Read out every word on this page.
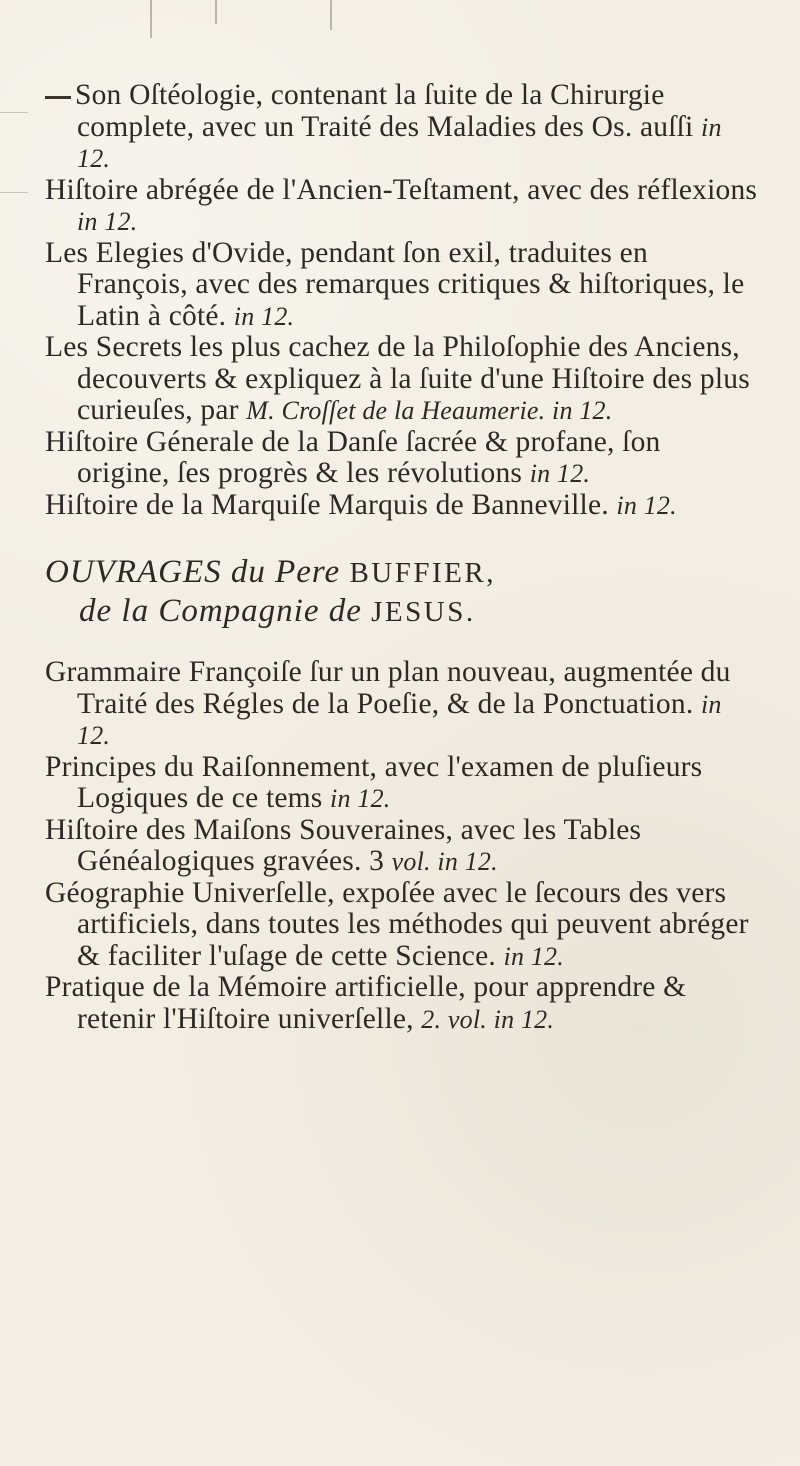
Son Oſtéologie, contenant la ſuite de la Chirurgie complete, avec un Traité des Maladies des Os. auſſi in 12.

Hiſtoire abrégée de l'Ancien-Teſtament, avec des réflexions in 12.

Les Elegies d'Ovide, pendant ſon exil, traduites en François, avec des remarques critiques & hiſtoriques, le Latin à côté. in 12.

Les Secrets les plus cachez de la Philoſophie des Anciens, decouverts & expliquez à la ſuite d'une Hiſtoire des plus curieuſes, par M. Croſſet de la Heaumerie. in 12.

Hiſtoire Génerale de la Danſe ſacrée & profane, ſon origine, ſes progrès & les révolutions in 12.

Hiſtoire de la Marquiſe Marquis de Banneville. in 12.

OUVRAGES du Pere BUFFIER,
de la Compagnie de JESUS.

Grammaire Françoiſe ſur un plan nouveau, augmentée du Traité des Régles de la Poeſie, & de la Ponctuation. in 12.

Principes du Raiſonnement, avec l'examen de pluſieurs Logiques de ce tems in 12.

Hiſtoire des Maiſons Souveraines, avec les Tables Généalogiques gravées. 3 vol. in 12.

Géographie Univerſelle, expoſée avec le ſecours des vers artificiels, dans toutes les méthodes qui peuvent abréger & faciliter l'uſage de cette Science. in 12.

Pratique de la Mémoire artificielle, pour apprendre & retenir l'Hiſtoire univerſelle, 2. vol. in 12.
